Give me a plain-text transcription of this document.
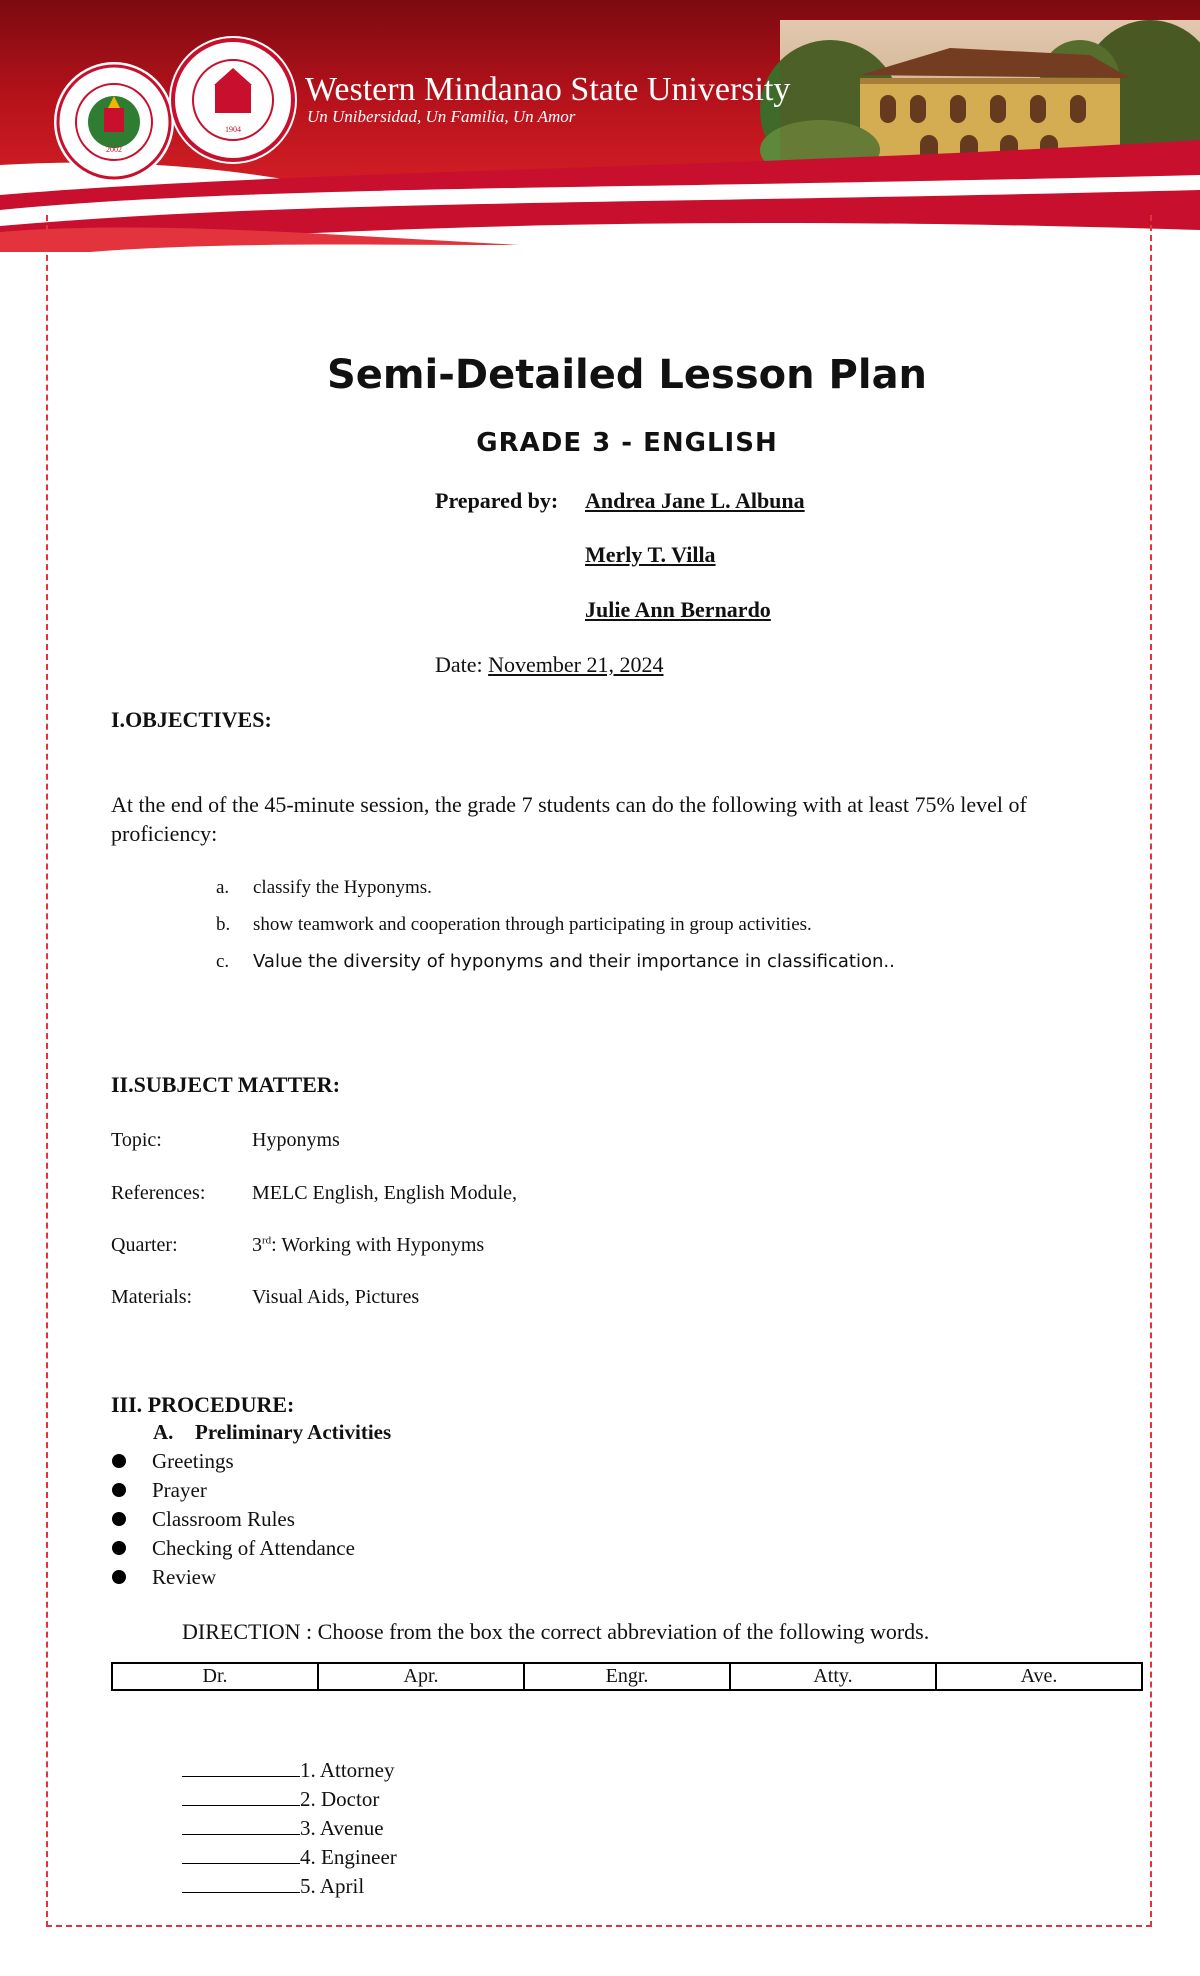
2002
1904
Western Mindanao State University
Un Unibersidad, Un Familia, Un Amor
Semi-Detailed Lesson Plan
GRADE 3 - ENGLISH
Prepared by: Andrea Jane L. Albuna
Merly T. Villa
Julie Ann Bernardo
Date: November 21, 2024
I.OBJECTIVES:
At the end of the 45-minute session, the grade 7 students can do the following with at least 75% level of proficiency:
a. classify the Hyponyms.
b. show teamwork and cooperation through participating in group activities.
c. Value the diversity of hyponyms and their importance in classification..
II.SUBJECT MATTER:
Topic:	Hyponyms
References: MELC English, English Module,
Quarter:	3rd: Working with Hyponyms
Materials:	Visual Aids, Pictures
III. PROCEDURE:
A. Preliminary Activities
Greetings
Prayer
Classroom Rules
Checking of Attendance
Review
DIRECTION : Choose from the box the correct abbreviation of the following words.
Dr.	Apr.	Engr.	Atty.	Ave.
1. Attorney
2. Doctor
3. Avenue
4. Engineer
5. April
